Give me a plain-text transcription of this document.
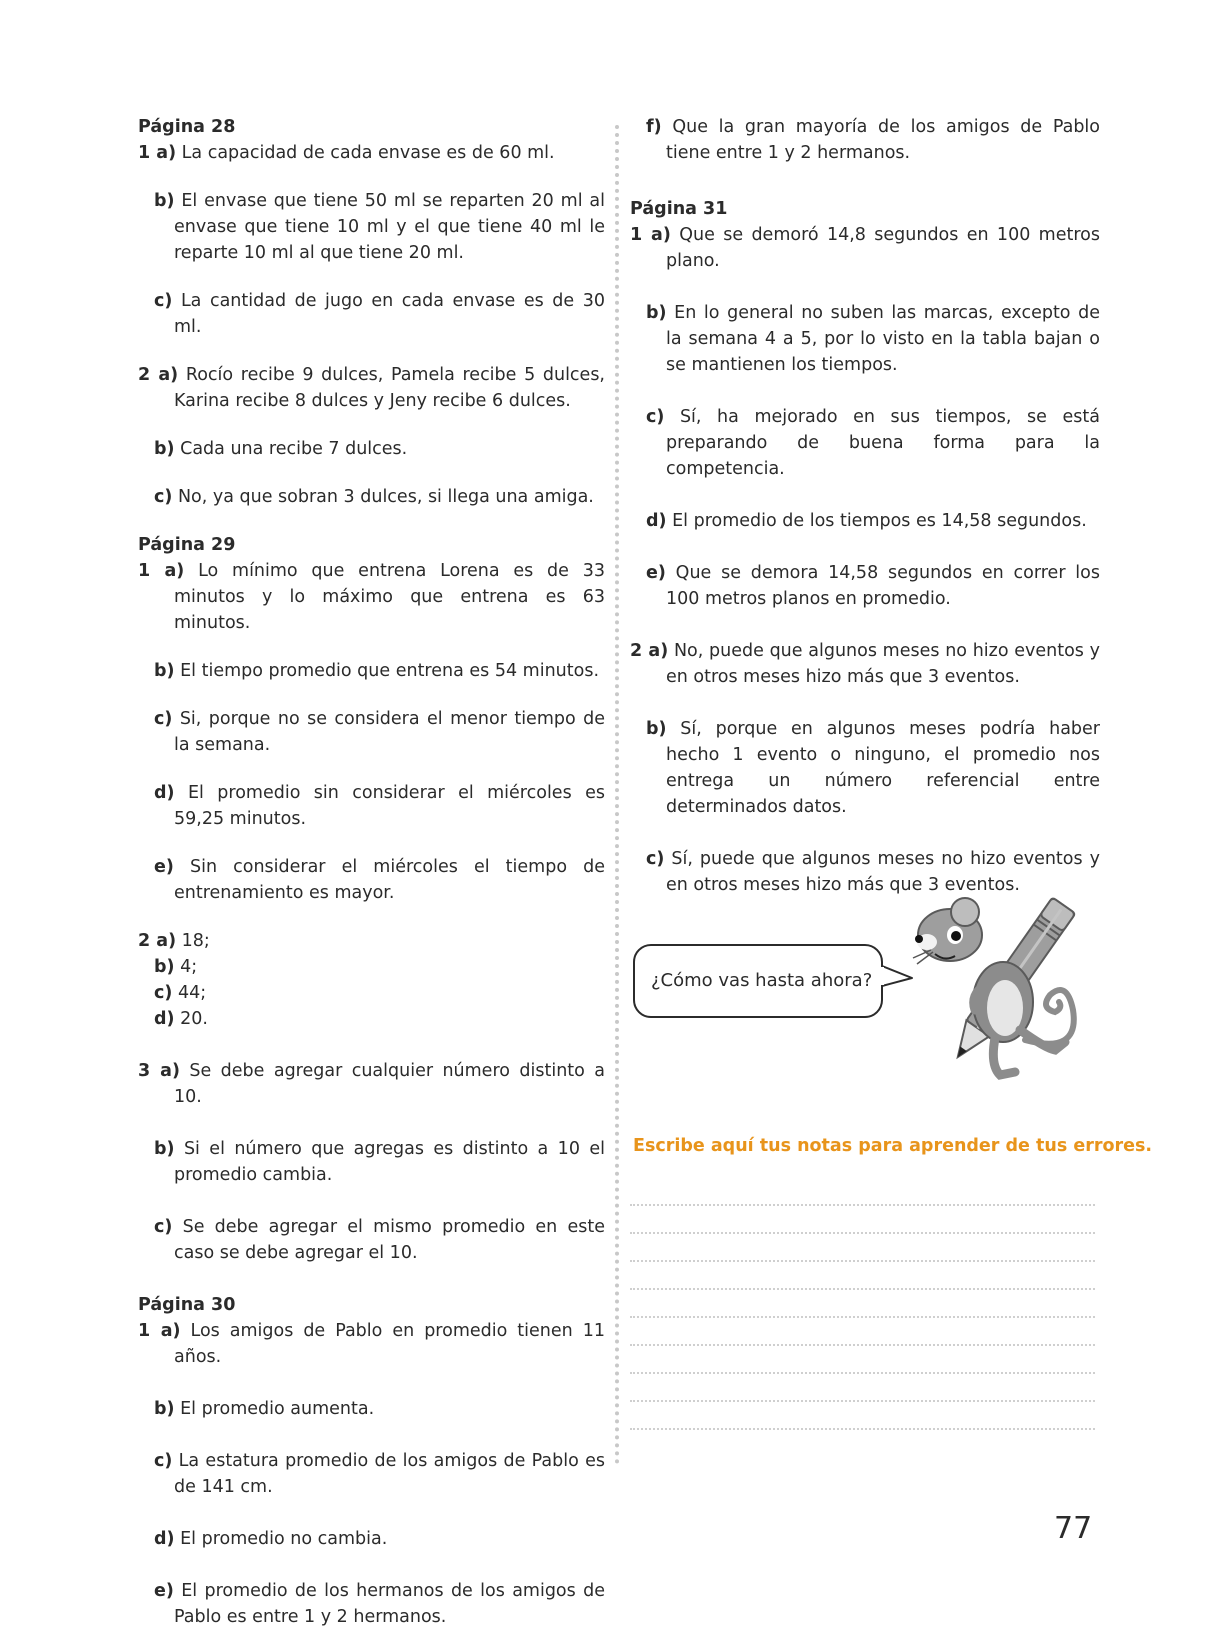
Página 28

1 a) La capacidad de cada envase es de 60 ml.

b) El envase que tiene 50 ml se reparten 20 ml al envase que tiene 10 ml y el que tiene 40 ml le reparte 10 ml al que tiene 20 ml.

c) La cantidad de jugo en cada envase es de 30 ml.

2 a) Rocío recibe 9 dulces, Pamela recibe 5 dulces, Karina recibe 8 dulces y Jeny recibe 6 dulces.

b) Cada una recibe 7 dulces.

c) No, ya que sobran 3 dulces, si llega una amiga.

Página 29

1 a) Lo mínimo que entrena Lorena es de 33 minutos y lo máximo que entrena es 63 minutos.

b) El tiempo promedio que entrena es 54 minutos.

c) Si, porque no se considera el menor tiempo de la semana.

d) El promedio sin considerar el miércoles es 59,25 minutos.

e) Sin considerar el miércoles el tiempo de entrenamiento es mayor.

2 a) 18;

b) 4;

c) 44;

d) 20.

3 a) Se debe agregar cualquier número distinto a 10.

b) Si el número que agregas es distinto a 10 el promedio cambia.

c) Se debe agregar el mismo promedio en este caso se debe agregar el 10.

Página 30

1 a) Los amigos de Pablo en promedio tienen 11 años.

b) El promedio aumenta.

c) La estatura promedio de los amigos de Pablo es de 141 cm.

d) El promedio no cambia.

e) El promedio de los hermanos de los amigos de Pablo es entre 1 y 2 hermanos.

f) Que la gran mayoría de los amigos de Pablo tiene entre 1 y 2 hermanos.

Página 31

1 a) Que se demoró 14,8 segundos en 100 metros plano.

b) En lo general no suben las marcas, excepto de la semana 4 a 5, por lo visto en la tabla bajan o se mantienen los tiempos.

c) Sí, ha mejorado en sus tiempos, se está preparando de buena forma para la competencia.

d) El promedio de los tiempos es 14,58 segundos.

e) Que se demora 14,58 segundos en correr los 100 metros planos en promedio.

2 a) No, puede que algunos meses no hizo eventos y en otros meses hizo más que 3 eventos.

b) Sí, porque en algunos meses podría haber hecho 1 evento o ninguno, el promedio nos entrega un número referencial entre determinados datos.

c) Sí, puede que algunos meses no hizo eventos y en otros meses hizo más que 3 eventos.

¿Cómo vas hasta ahora?
Escribe aquí tus notas para aprender de tus errores.
77
